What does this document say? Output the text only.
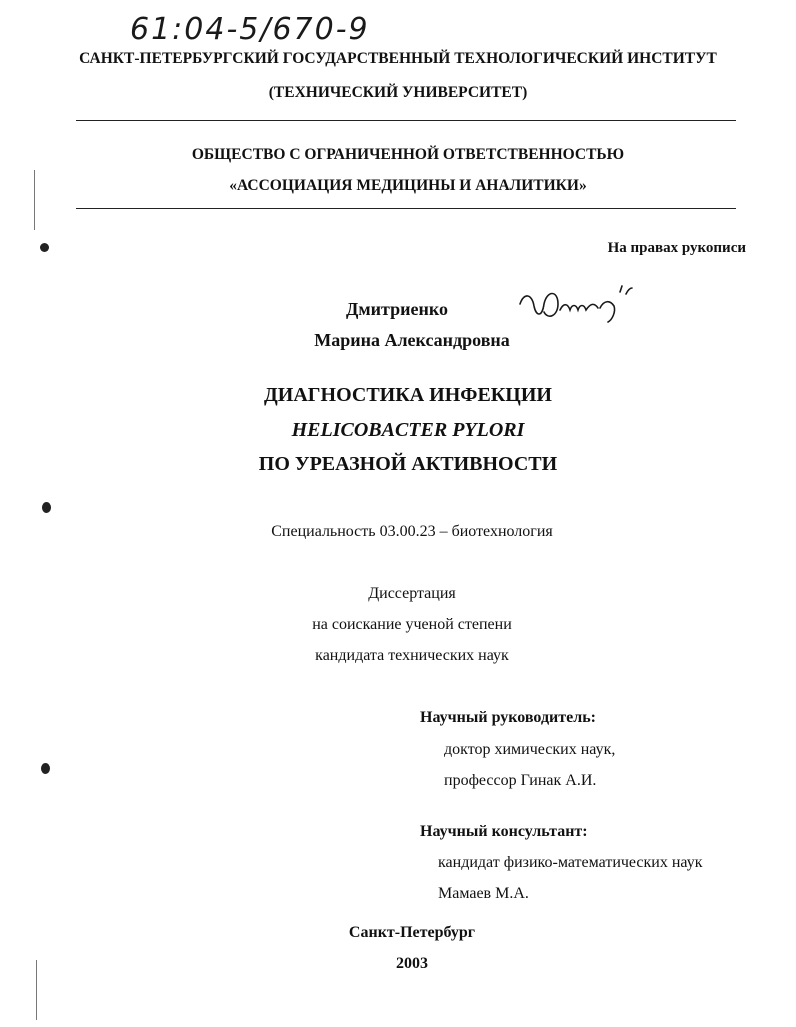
61:04-5/670-9
САНКТ-ПЕТЕРБУРГСКИЙ ГОСУДАРСТВЕННЫЙ ТЕХНОЛОГИЧЕСКИЙ ИНСТИТУТ
(ТЕХНИЧЕСКИЙ УНИВЕРСИТЕТ)
ОБЩЕСТВО С ОГРАНИЧЕННОЙ ОТВЕТСТВЕННОСТЬЮ
«АССОЦИАЦИЯ МЕДИЦИНЫ И АНАЛИТИКИ»
На правах рукописи
Дмитриенко
Марина Александровна
ДИАГНОСТИКА ИНФЕКЦИИ
HELICOBACTER PYLORI
ПО УРЕАЗНОЙ АКТИВНОСТИ
Специальность 03.00.23 – биотехнология
Диссертация
на соискание ученой степени
кандидата технических наук
Научный руководитель:
доктор химических наук,
профессор Гинак А.И.
Научный консультант:
кандидат физико-математических наук
Мамаев М.А.
Санкт-Петербург
2003
